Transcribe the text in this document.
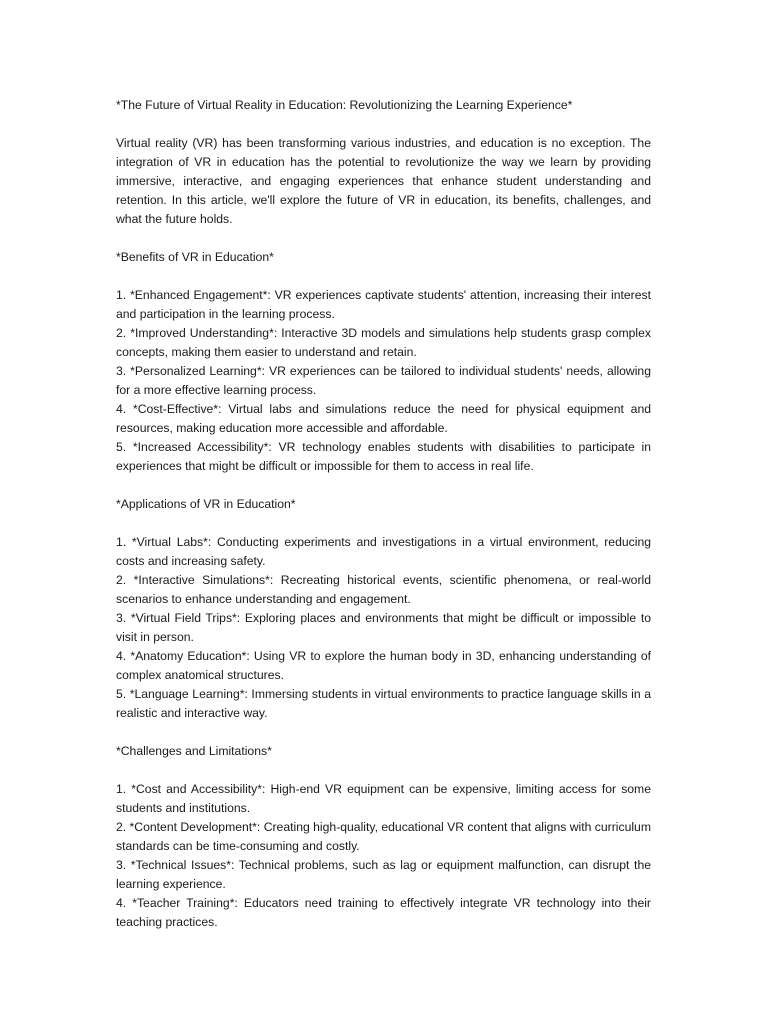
*The Future of Virtual Reality in Education: Revolutionizing the Learning Experience*
Virtual reality (VR) has been transforming various industries, and education is no exception. The integration of VR in education has the potential to revolutionize the way we learn by providing immersive, interactive, and engaging experiences that enhance student understanding and retention. In this article, we'll explore the future of VR in education, its benefits, challenges, and what the future holds.
*Benefits of VR in Education*
1. *Enhanced Engagement*: VR experiences captivate students' attention, increasing their interest and participation in the learning process.
2. *Improved Understanding*: Interactive 3D models and simulations help students grasp complex concepts, making them easier to understand and retain.
3. *Personalized Learning*: VR experiences can be tailored to individual students' needs, allowing for a more effective learning process.
4. *Cost-Effective*: Virtual labs and simulations reduce the need for physical equipment and resources, making education more accessible and affordable.
5. *Increased Accessibility*: VR technology enables students with disabilities to participate in experiences that might be difficult or impossible for them to access in real life.
*Applications of VR in Education*
1. *Virtual Labs*: Conducting experiments and investigations in a virtual environment, reducing costs and increasing safety.
2. *Interactive Simulations*: Recreating historical events, scientific phenomena, or real-world scenarios to enhance understanding and engagement.
3. *Virtual Field Trips*: Exploring places and environments that might be difficult or impossible to visit in person.
4. *Anatomy Education*: Using VR to explore the human body in 3D, enhancing understanding of complex anatomical structures.
5. *Language Learning*: Immersing students in virtual environments to practice language skills in a realistic and interactive way.
*Challenges and Limitations*
1. *Cost and Accessibility*: High-end VR equipment can be expensive, limiting access for some students and institutions.
2. *Content Development*: Creating high-quality, educational VR content that aligns with curriculum standards can be time-consuming and costly.
3. *Technical Issues*: Technical problems, such as lag or equipment malfunction, can disrupt the learning experience.
4. *Teacher Training*: Educators need training to effectively integrate VR technology into their teaching practices.
